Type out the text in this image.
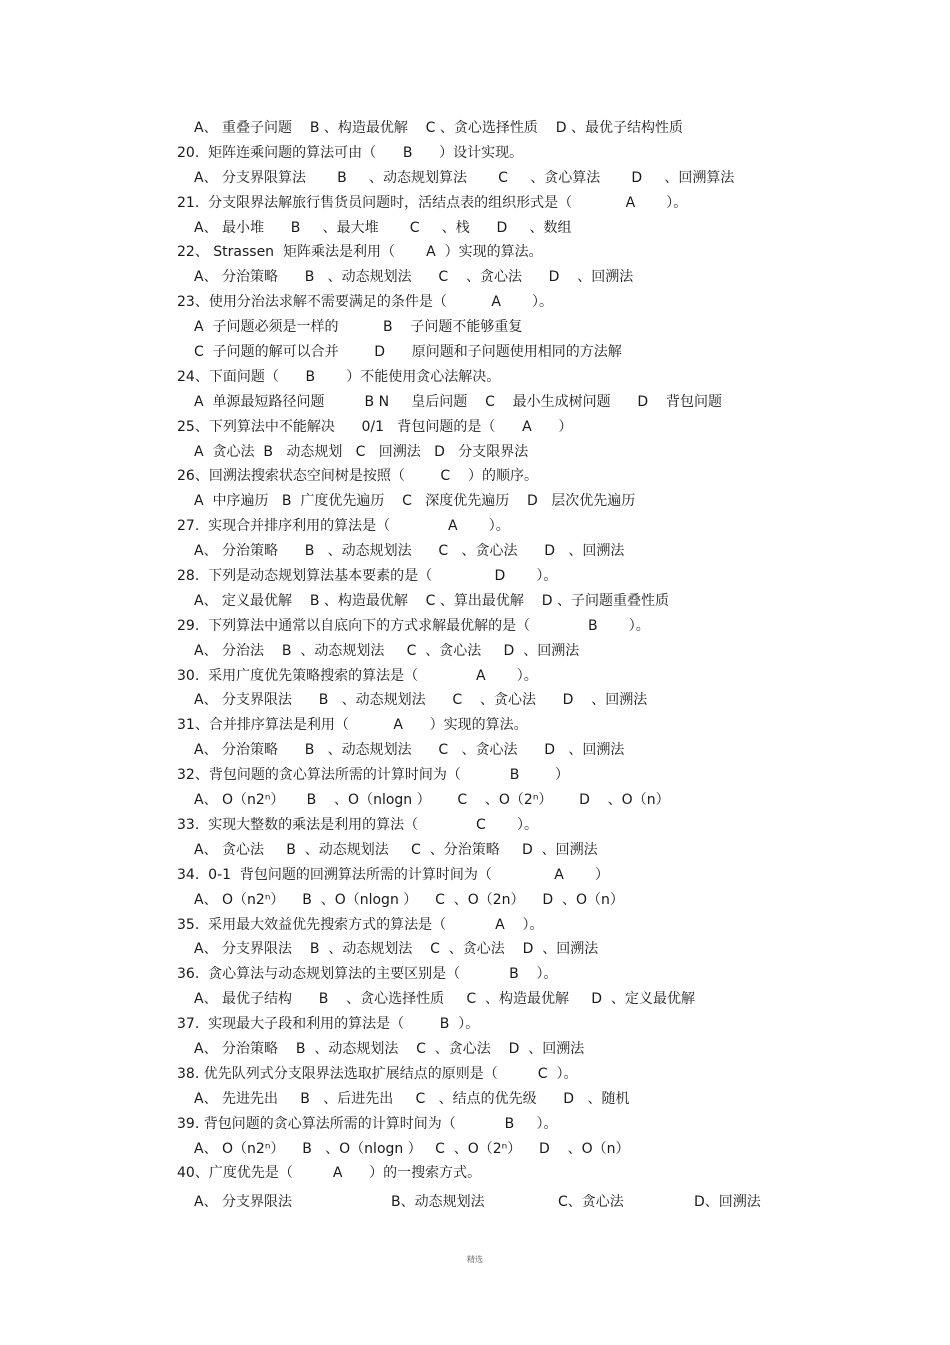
A、 重叠子问题    B 、构造最优解    C 、贪心选择性质    D 、最优子结构性质
20.  矩阵连乘问题的算法可由（      B      ）设计实现。
A、 分支界限算法       B     、动态规划算法       C     、贪心算法       D     、回溯算法
21.  分支限界法解旅行售货员问题时，活结点表的组织形式是（            A       ）。
A、 最小堆      B     、最大堆       C     、栈      D     、数组
22、 Strassen  矩阵乘法是利用（       A  ）实现的算法。
A、 分治策略      B   、动态规划法      C    、贪心法      D    、回溯法
23、使用分治法求解不需要满足的条件是（          A       ）。
A  子问题必须是一样的          B    子问题不能够重复
C  子问题的解可以合并        D      原问题和子问题使用相同的方法解
24、下面问题（      B       ）不能使用贪心法解决。
A  单源最短路径问题         B N     皇后问题    C    最小生成树问题      D    背包问题
25、下列算法中不能解决      0/1   背包问题的是（      A      ）
A  贪心法  B   动态规划   C   回溯法   D   分支限界法
26、回溯法搜索状态空间树是按照（        C    ）的顺序。
A  中序遍历   B  广度优先遍历    C   深度优先遍历    D   层次优先遍历
27.  实现合并排序利用的算法是（             A       ）。
A、 分治策略      B   、动态规划法      C   、贪心法      D   、回溯法
28.  下列是动态规划算法基本要素的是（              D       ）。
A、 定义最优解    B 、构造最优解    C 、算出最优解    D 、子问题重叠性质
29.  下列算法中通常以自底向下的方式求解最优解的是（             B       ）。
A、 分治法    B  、动态规划法     C  、贪心法     D  、回溯法
30.  采用广度优先策略搜索的算法是（             A       ）。
A、 分支界限法      B   、动态规划法      C    、贪心法      D    、回溯法
31、合并排序算法是利用（          A      ）实现的算法。
A、 分治策略      B   、动态规划法      C   、贪心法      D   、回溯法
32、背包问题的贪心算法所需的计算时间为（           B        ）
A、 O（n2ⁿ）     B    、O（nlogn ）      C    、O（2ⁿ）      D    、O（n）
33.  实现大整数的乘法是利用的算法（             C       ）。
A、 贪心法     B  、动态规划法     C  、分治策略     D  、回溯法
34.  0-1  背包问题的回溯算法所需的计算时间为（              A       ）
A、 O（n2ⁿ）    B  、O（nlogn ）    C  、O（2n）    D  、O（n）
35.  采用最大效益优先搜索方式的算法是（           A    ）。
A、 分支界限法    B  、动态规划法    C  、贪心法    D  、回溯法
36.  贪心算法与动态规划算法的主要区别是（           B    ）。
A、 最优子结构      B    、贪心选择性质     C  、构造最优解     D  、定义最优解
37.  实现最大子段和利用的算法是（        B  ）。
A、 分治策略    B  、动态规划法    C  、贪心法    D  、回溯法
38. 优先队列式分支限界法选取扩展结点的原则是（         C  ）。
A、 先进先出     B   、后进先出     C   、结点的优先级      D   、随机
39. 背包问题的贪心算法所需的计算时间为（           B     ）。
A、 O（n2ⁿ）    B   、O（nlogn ）   C  、O（2ⁿ）    D    、O（n）
40、广度优先是（         A      ）的一搜索方式。
A、 分支界限法	B、动态规划法	C、贪心法	D、回溯法
精选
